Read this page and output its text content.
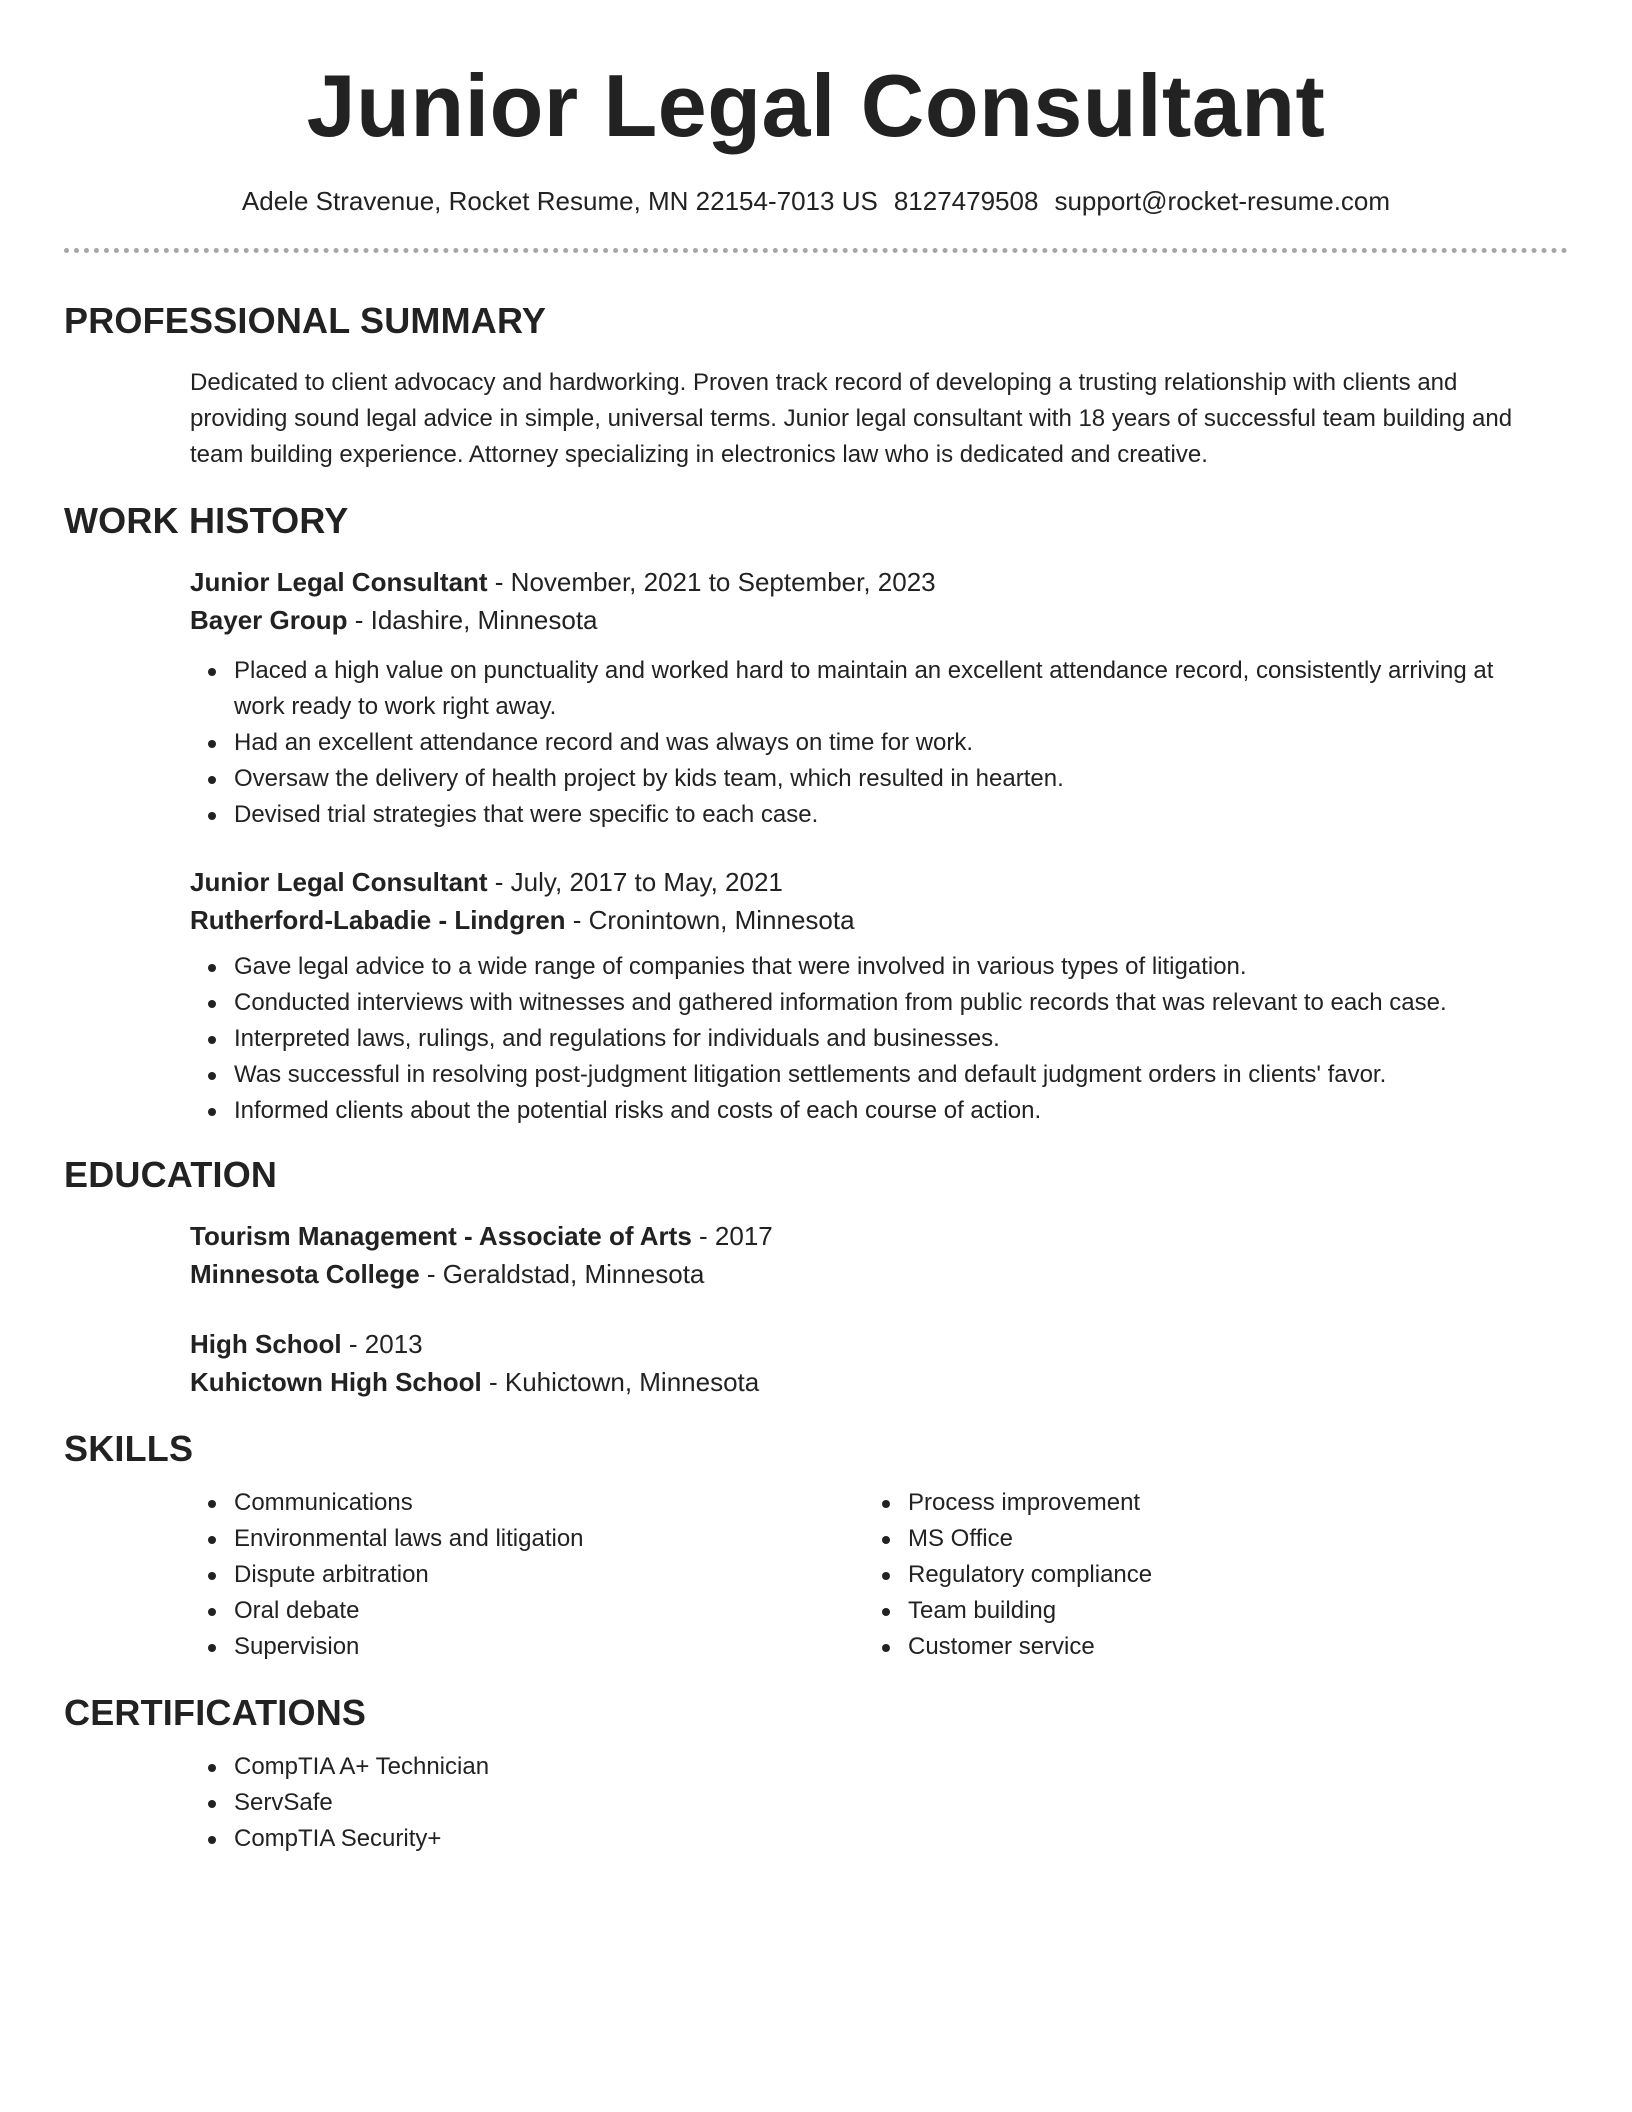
Junior Legal Consultant
Adele Stravenue, Rocket Resume, MN 22154-7013 US 8127479508 support@rocket-resume.com
PROFESSIONAL SUMMARY

Dedicated to client advocacy and hardworking. Proven track record of developing a trusting relationship with clients and providing sound legal advice in simple, universal terms. Junior legal consultant with 18 years of successful team building and team building experience. Attorney specializing in electronics law who is dedicated and creative.

WORK HISTORY

Junior Legal Consultant - November, 2021 to September, 2023

Bayer Group - Idashire, Minnesota

Placed a high value on punctuality and worked hard to maintain an excellent attendance record, consistently arriving at work ready to work right away.
Had an excellent attendance record and was always on time for work.
Oversaw the delivery of health project by kids team, which resulted in hearten.
Devised trial strategies that were specific to each case.

Junior Legal Consultant - July, 2017 to May, 2021

Rutherford-Labadie - Lindgren - Cronintown, Minnesota

Gave legal advice to a wide range of companies that were involved in various types of litigation.
Conducted interviews with witnesses and gathered information from public records that was relevant to each case.
Interpreted laws, rulings, and regulations for individuals and businesses.
Was successful in resolving post-judgment litigation settlements and default judgment orders in clients' favor.
Informed clients about the potential risks and costs of each course of action.
EDUCATION

Tourism Management - Associate of Arts - 2017

Minnesota College - Geraldstad, Minnesota

High School - 2013

Kuhictown High School - Kuhictown, Minnesota

SKILLS
Communications
Environmental laws and litigation
Dispute arbitration
Oral debate
Supervision
Process improvement
MS Office
Regulatory compliance
Team building
Customer service
CERTIFICATIONS
CompTIA A+ Technician
ServSafe
CompTIA Security+
